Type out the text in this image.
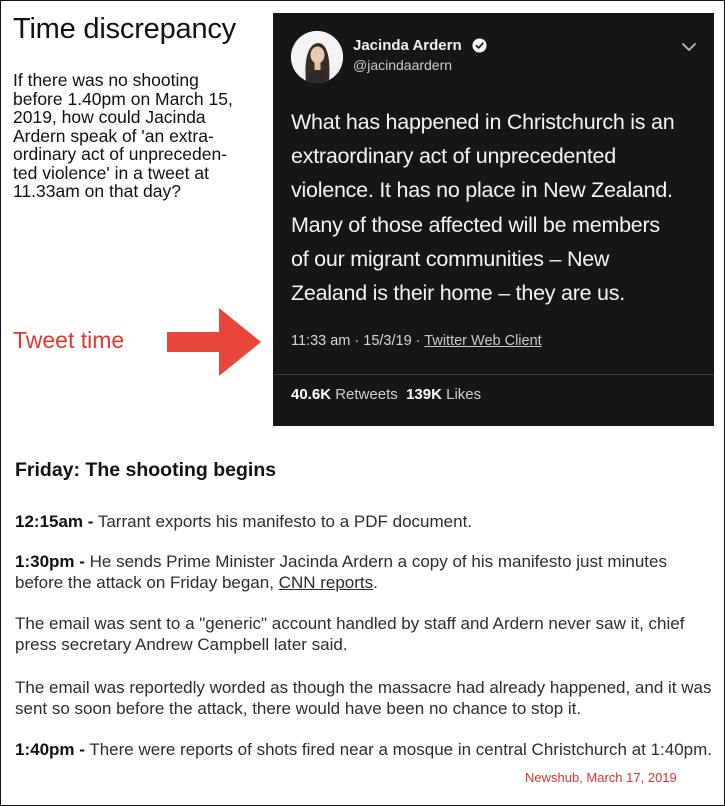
Time discrepancy

If there was no shooting
before 1.40pm on March 15,
2019, how could Jacinda
Ardern speak of 'an extra-
ordinary act of unpreceden-
ted violence' in a tweet at
11.33am on that day?

Tweet time

Jacinda Ardern
@jacindaardern

What has happened in Christchurch is an
extraordinary act of unprecedented
violence. It has no place in New Zealand.
Many of those affected will be members
of our migrant communities – New
Zealand is their home – they are us.

11:33 am · 15/3/19 · Twitter Web Client
40.6K Retweets 139K Likes
Friday: The shooting begins

12:15am - Tarrant exports his manifesto to a PDF document.

1:30pm - He sends Prime Minister Jacinda Ardern a copy of his manifesto just minutes before the attack on Friday began, CNN reports.

The email was sent to a "generic" account handled by staff and Ardern never saw it, chief press secretary Andrew Campbell later said.

The email was reportedly worded as though the massacre had already happened, and it was sent so soon before the attack, there would have been no chance to stop it.

1:40pm - There were reports of shots fired near a mosque in central Christchurch at 1:40pm.

Newshub, March 17, 2019
